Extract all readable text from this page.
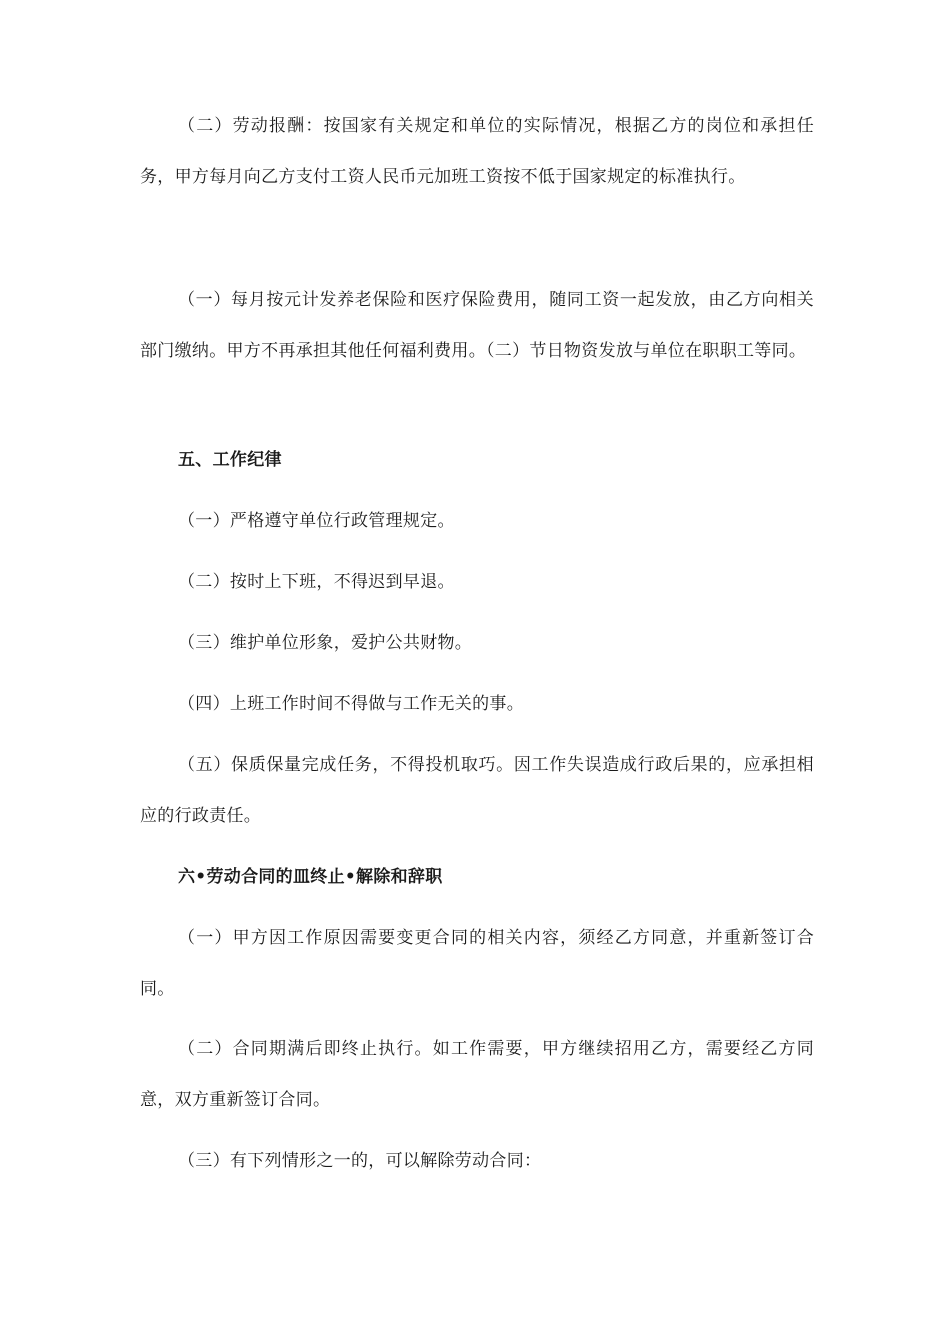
（二）劳动报酬：按国家有关规定和单位的实际情况，根据乙方的岗位和承担任务，甲方每月向乙方支付工资人民币元加班工资按不低于国家规定的标准执行。

（一）每月按元计发养老保险和医疗保险费用，随同工资一起发放，由乙方向相关部门缴纳。甲方不再承担其他任何福利费用。（二）节日物资发放与单位在职职工等同。

五、工作纪律

（一）严格遵守单位行政管理规定。

（二）按时上下班，不得迟到早退。

（三）维护单位形象，爱护公共财物。

（四）上班工作时间不得做与工作无关的事。

（五）保质保量完成任务，不得投机取巧。因工作失误造成行政后果的，应承担相应的行政责任。

六•劳动合同的皿终止•解除和辞职

（一）甲方因工作原因需要变更合同的相关内容，须经乙方同意，并重新签订合同。

（二）合同期满后即终止执行。如工作需要，甲方继续招用乙方，需要经乙方同意，双方重新签订合同。

（三）有下列情形之一的，可以解除劳动合同：
